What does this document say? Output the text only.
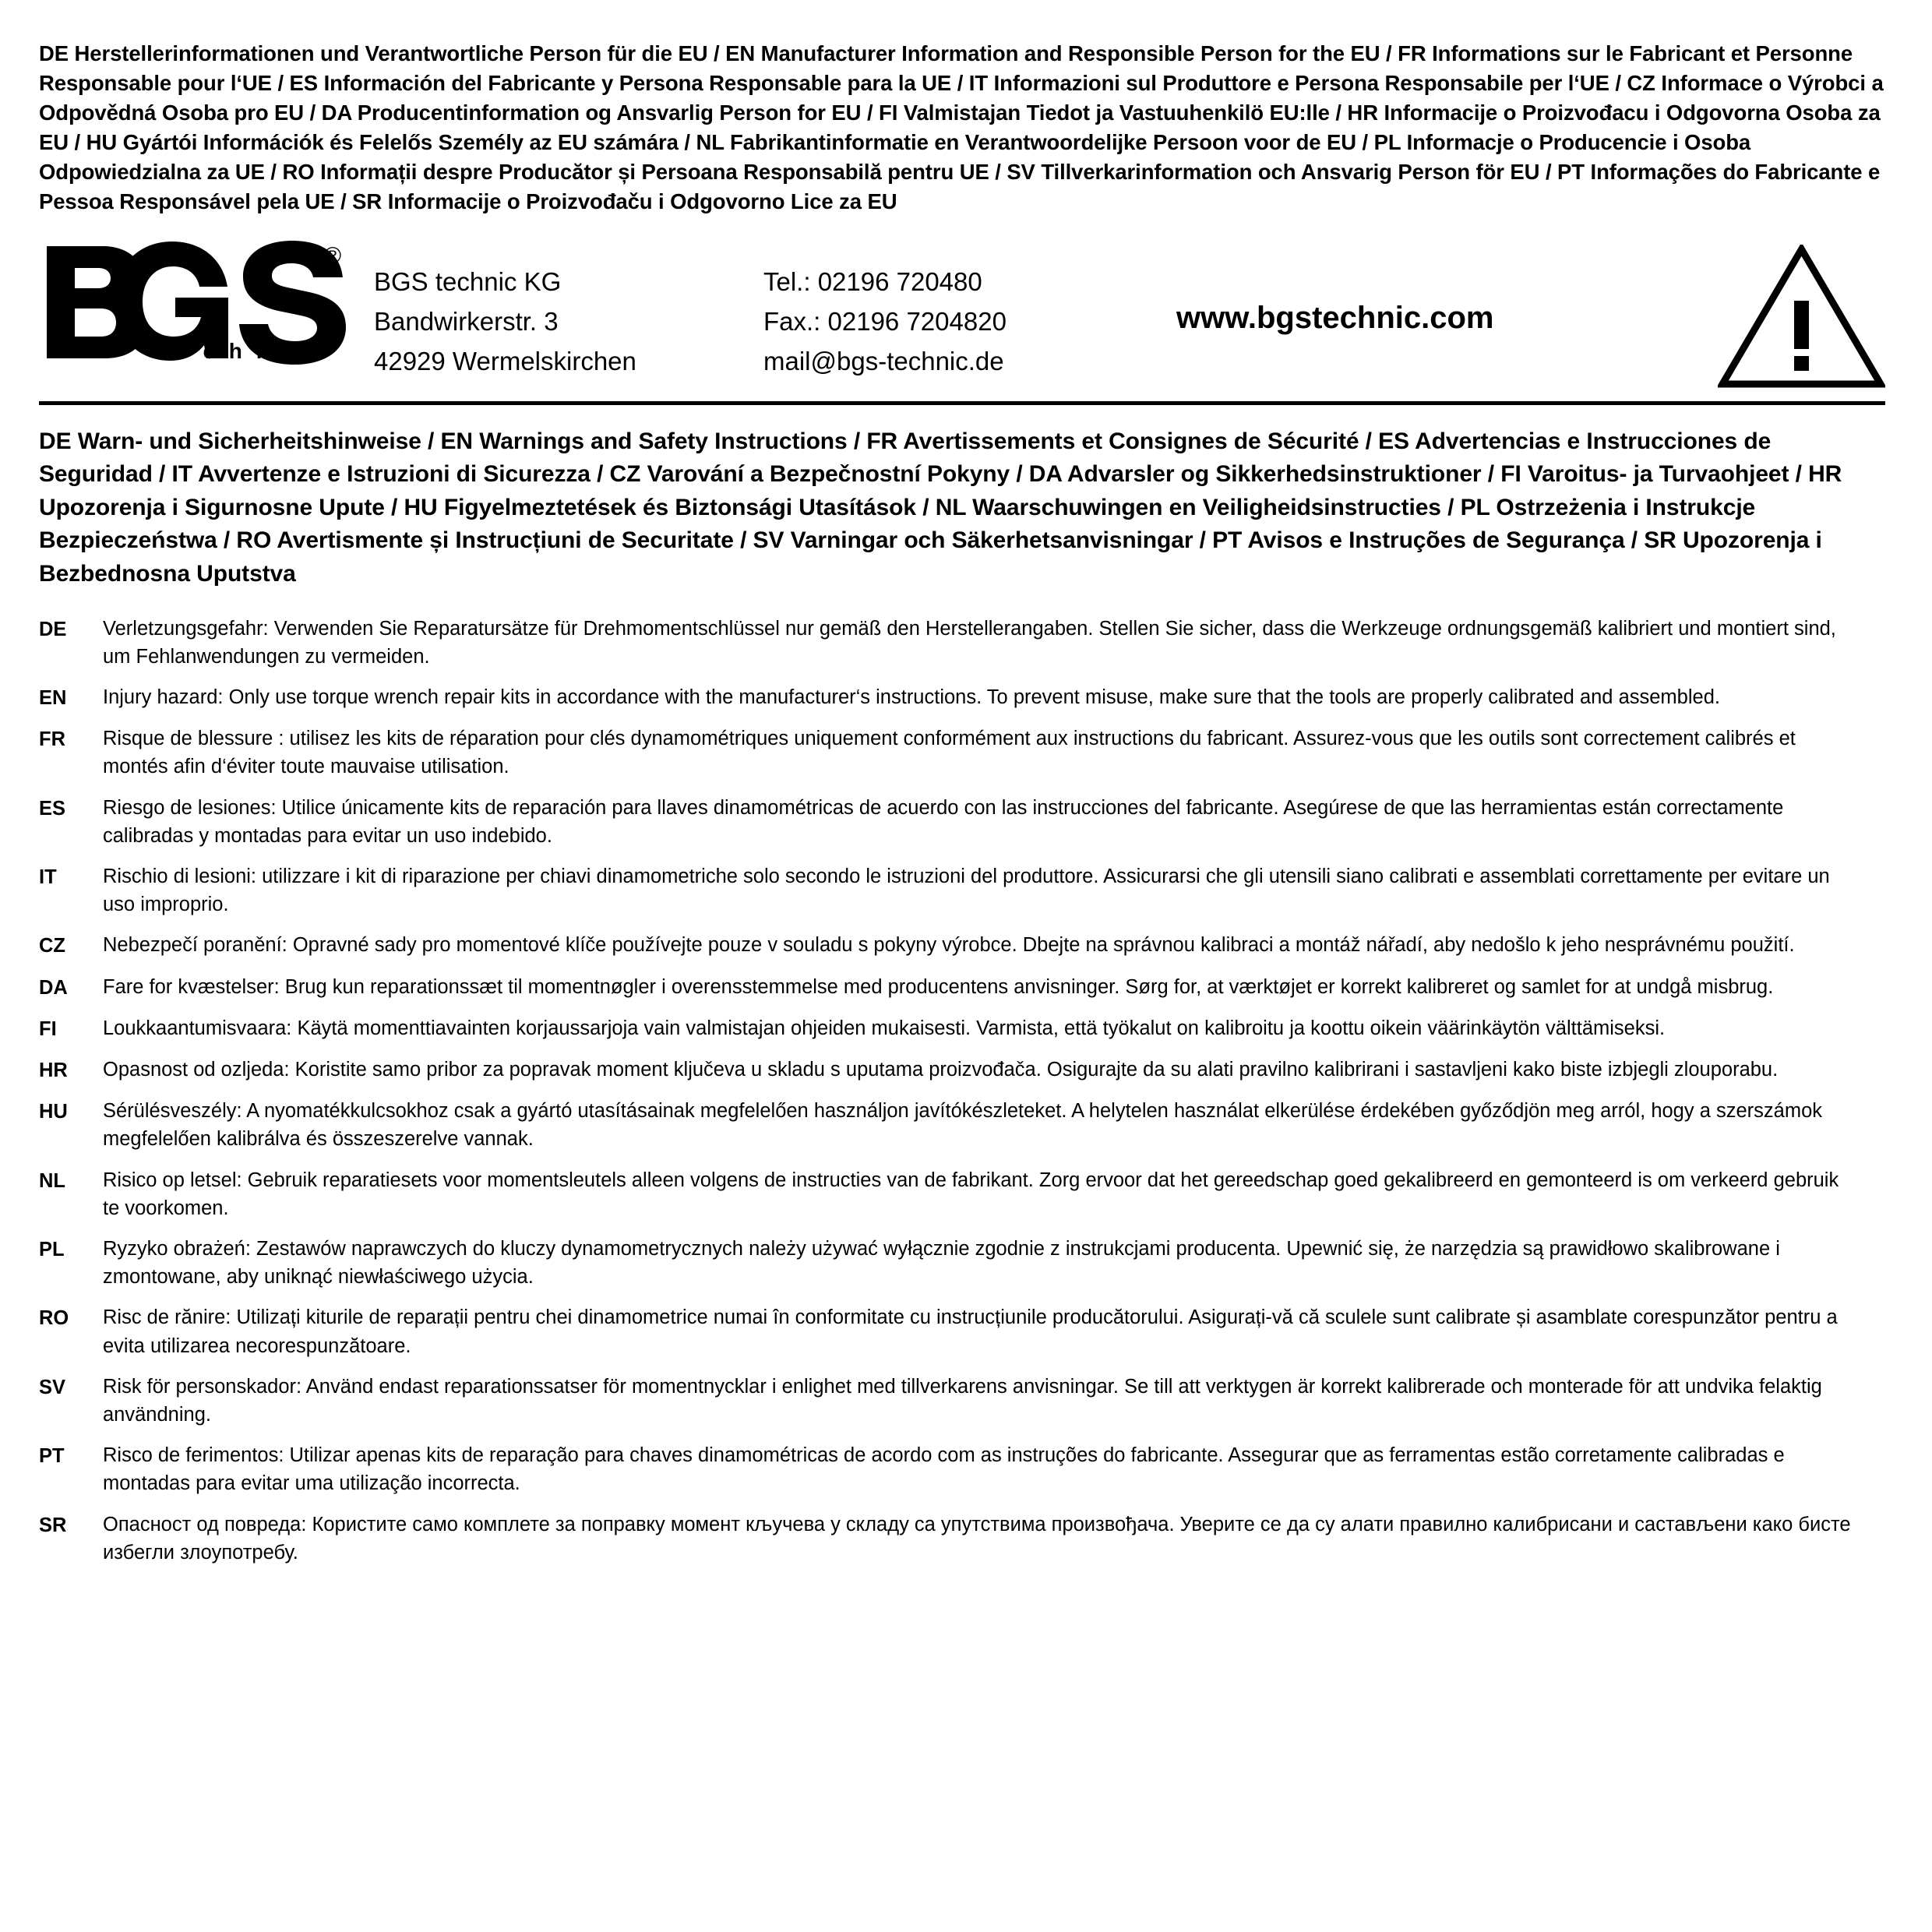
DE Herstellerinformationen und Verantwortliche Person für die EU / EN Manufacturer Information and Responsible Person for the EU / FR Informations sur le Fabricant et Personne Responsable pour l‘UE / ES Información del Fabricante y Persona Responsable para la UE / IT Informazioni sul Produttore e Persona Responsabile per l‘UE / CZ Informace o Výrobci a Odpovědná Osoba pro EU / DA Producentinformation og Ansvarlig Person for EU / FI Valmistajan Tiedot ja Vastuuhenkilö EU:lle / HR Informacije o Proizvođacu i Odgovorna Osoba za EU / HU Gyártói Információk és Felelős Személy az EU számára / NL Fabrikantinformatie en Verantwoordelijke Persoon voor de EU / PL Informacje o Producencie i Osoba Odpowiedzialna za UE / RO Informații despre Producător și Persoana Responsabilă pentru UE / SV Tillverkarinformation och Ansvarig Person för EU / PT Informações do Fabricante e Pessoa Responsável pela UE / SR Informacije o Proizvođaču i Odgovorno Lice za EU
®
t e c h n i c
BGS technic KG
Bandwirkerstr. 3
42929 Wermelskirchen
Tel.: 02196 720480
Fax.: 02196 7204820
mail@bgs-technic.de
www.bgstechnic.com
DE Warn- und Sicherheitshinweise / EN Warnings and Safety Instructions / FR Avertissements et Consignes de Sécurité / ES Advertencias e Instrucciones de Seguridad / IT Avvertenze e Istruzioni di Sicurezza / CZ Varování a Bezpečnostní Pokyny / DA Advarsler og Sikkerhedsinstruktioner / FI Varoitus- ja Turvaohjeet / HR Upozorenja i Sigurnosne Upute / HU Figyelmeztetések és Biztonsági Utasítások / NL Waarschuwingen en Veiligheidsinstructies / PL Ostrzeżenia i Instrukcje Bezpieczeństwa / RO Avertismente și Instrucțiuni de Securitate / SV Varningar och Säkerhetsanvisningar / PT Avisos e Instruções de Segurança / SR Upozorenja i Bezbednosna Uputstva
DE	Verletzungsgefahr: Verwenden Sie Reparatursätze für Drehmomentschlüssel nur gemäß den Herstellerangaben. Stellen Sie sicher, dass die Werkzeuge ordnungsgemäß kalibriert und montiert sind, um Fehlanwendungen zu vermeiden.
EN	Injury hazard: Only use torque wrench repair kits in accordance with the manufacturer‘s instructions. To prevent misuse, make sure that the tools are properly calibrated and assembled.
FR	Risque de blessure : utilisez les kits de réparation pour clés dynamométriques uniquement conformément aux instructions du fabricant. Assurez-vous que les outils sont correctement calibrés et montés afin d‘éviter toute mauvaise utilisation.
ES	Riesgo de lesiones: Utilice únicamente kits de reparación para llaves dinamométricas de acuerdo con las instrucciones del fabricante. Asegúrese de que las herramientas están correctamente calibradas y montadas para evitar un uso indebido.
IT	Rischio di lesioni: utilizzare i kit di riparazione per chiavi dinamometriche solo secondo le istruzioni del produttore. Assicurarsi che gli utensili siano calibrati e assemblati correttamente per evitare un uso improprio.
CZ	Nebezpečí poranění: Opravné sady pro momentové klíče používejte pouze v souladu s pokyny výrobce. Dbejte na správnou kalibraci a montáž nářadí, aby nedošlo k jeho nesprávnému použití.
DA	Fare for kvæstelser: Brug kun reparationssæt til momentnøgler i overensstemmelse med producentens anvisninger. Sørg for, at værktøjet er korrekt kalibreret og samlet for at undgå misbrug.
FI	Loukkaantumisvaara: Käytä momenttiavainten korjaussarjoja vain valmistajan ohjeiden mukaisesti. Varmista, että työkalut on kalibroitu ja koottu oikein väärinkäytön välttämiseksi.
HR	Opasnost od ozljeda: Koristite samo pribor za popravak moment ključeva u skladu s uputama proizvođača. Osigurajte da su alati pravilno kalibrirani i sastavljeni kako biste izbjegli zlouporabu.
HU	Sérülésveszély: A nyomatékkulcsokhoz csak a gyártó utasításainak megfelelően használjon javítókészleteket. A helytelen használat elkerülése érdekében győződjön meg arról, hogy a szerszámok megfelelően kalibrálva és összeszerelve vannak.
NL	Risico op letsel: Gebruik reparatiesets voor momentsleutels alleen volgens de instructies van de fabrikant. Zorg ervoor dat het gereedschap goed gekalibreerd en gemonteerd is om verkeerd gebruik te voorkomen.
PL	Ryzyko obrażeń: Zestawów naprawczych do kluczy dynamometrycznych należy używać wyłącznie zgodnie z instrukcjami producenta. Upewnić się, że narzędzia są prawidłowo skalibrowane i zmontowane, aby uniknąć niewłaściwego użycia.
RO	Risc de rănire: Utilizați kiturile de reparații pentru chei dinamometrice numai în conformitate cu instrucțiunile producătorului. Asigurați-vă că sculele sunt calibrate și asamblate corespunzător pentru a evita utilizarea necorespunzătoare.
SV	Risk för personskador: Använd endast reparationssatser för momentnycklar i enlighet med tillverkarens anvisningar. Se till att verktygen är korrekt kalibrerade och monterade för att undvika felaktig användning.
PT	Risco de ferimentos: Utilizar apenas kits de reparação para chaves dinamométricas de acordo com as instruções do fabricante. Assegurar que as ferramentas estão corretamente calibradas e montadas para evitar uma utilização incorrecta.
SR	Опасност од повреда: Користите само комплете за поправку момент кључева у складу са упутствима произвођача. Уверите се да су алати правилно калибрисани и састављени како бисте избегли злоупотребу.
